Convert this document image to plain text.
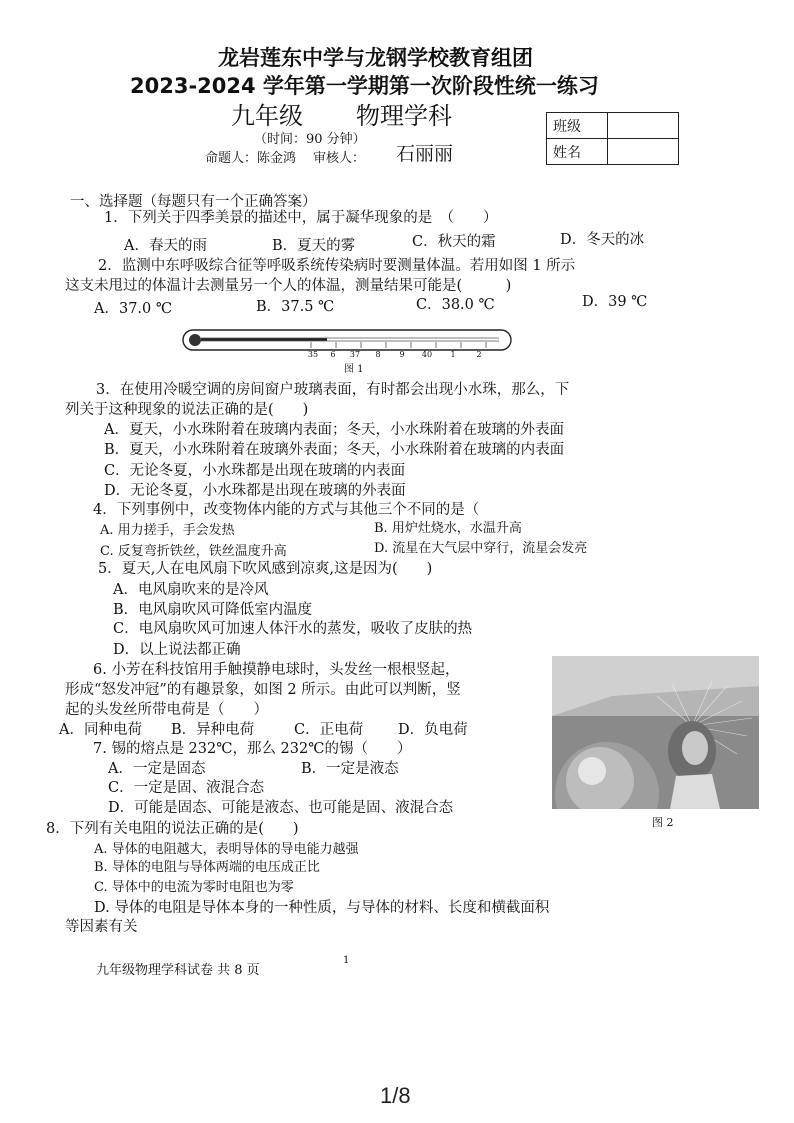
龙岩莲东中学与龙钢学校教育组团
2023-2024 学年第一学期第一次阶段性统一练习
九年级 物理学科
（时间：90 分钟）
命题人：陈金鸿 审核人： 石丽丽
班级	
姓名	
一、选择题（每题只有一个正确答案）
1．下列关于四季美景的描述中，属于凝华现象的是　（　　）
A．春天的雨	B．夏天的雾	C．秋天的霜	D．冬天的冰
2．监测中东呼吸综合征等呼吸系统传染病时要测量体温。若用如图 1 所示
这支未甩过的体温计去测量另一个人的体温，测量结果可能是(　　　)
A．37.0 ℃	B．37.5 ℃	C．38.0 ℃	D．39 ℃
35 6 37 8 9 40 1	2
图 1
3．在使用冷暖空调的房间窗户玻璃表面，有时都会出现小水珠，那么，下
列关于这种现象的说法正确的是(　　)
A．夏天，小水珠附着在玻璃内表面；冬天，小水珠附着在玻璃的外表面
B．夏天，小水珠附着在玻璃外表面；冬天，小水珠附着在玻璃的内表面
C．无论冬夏，小水珠都是出现在玻璃的内表面
D．无论冬夏，小水珠都是出现在玻璃的外表面
4．下列事例中，改变物体内能的方式与其他三个不同的是（
A. 用力搓手，手会发热	B. 用炉灶烧水，水温升高
C. 反复弯折铁丝，铁丝温度升高	D. 流星在大气层中穿行，流星会发亮
5．夏天,人在电风扇下吹风感到凉爽,这是因为(　　)
A．电风扇吹来的是冷风
B．电风扇吹风可降低室内温度
C．电风扇吹风可加速人体汗水的蒸发，吸收了皮肤的热
D．以上说法都正确
6. 小芳在科技馆用手触摸静电球时，头发丝一根根竖起，
形成“怒发冲冠”的有趣景象，如图 2 所示。由此可以判断，竖
起的头发丝所带电荷是（　　）
A．同种电荷 B．异种电荷	C．正电荷 D．负电荷
图 2
7. 锡的熔点是 232℃，那么 232℃的锡（　　）
A．一定是固态	B．一定是液态
C．一定是固、液混合态
D．可能是固态、可能是液态、也可能是固、液混合态
8．下列有关电阻的说法正确的是(　　)
A. 导体的电阻越大，表明导体的导电能力越强
B. 导体的电阻与导体两端的电压成正比
C. 导体中的电流为零时电阻也为零
D. 导体的电阻是导体本身的一种性质，与导体的材料、长度和横截面积
等因素有关
九年级物理学科试卷 共 8 页
1
1/8
